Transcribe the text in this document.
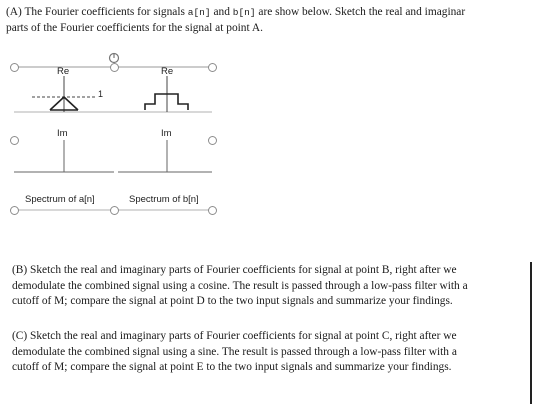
(A) The Fourier coefficients for signals a[n] and b[n] are show below. Sketch the real and imaginar
parts of the Fourier coefficients for the signal at point A.
Re	Re
1
Im	Im
Spectrum of a[n]	Spectrum of b[n]
(B) Sketch the real and imaginary parts of Fourier coefficients for signal at point B, right after we
demodulate the combined signal using a cosine. The result is passed through a low-pass filter with a
cutoff of M; compare the signal at point D to the two input signals and summarize your findings.
(C) Sketch the real and imaginary parts of Fourier coefficients for signal at point C, right after we
demodulate the combined signal using a sine. The result is passed through a low-pass filter with a
cutoff of M; compare the signal at point E to the two input signals and summarize your findings.
